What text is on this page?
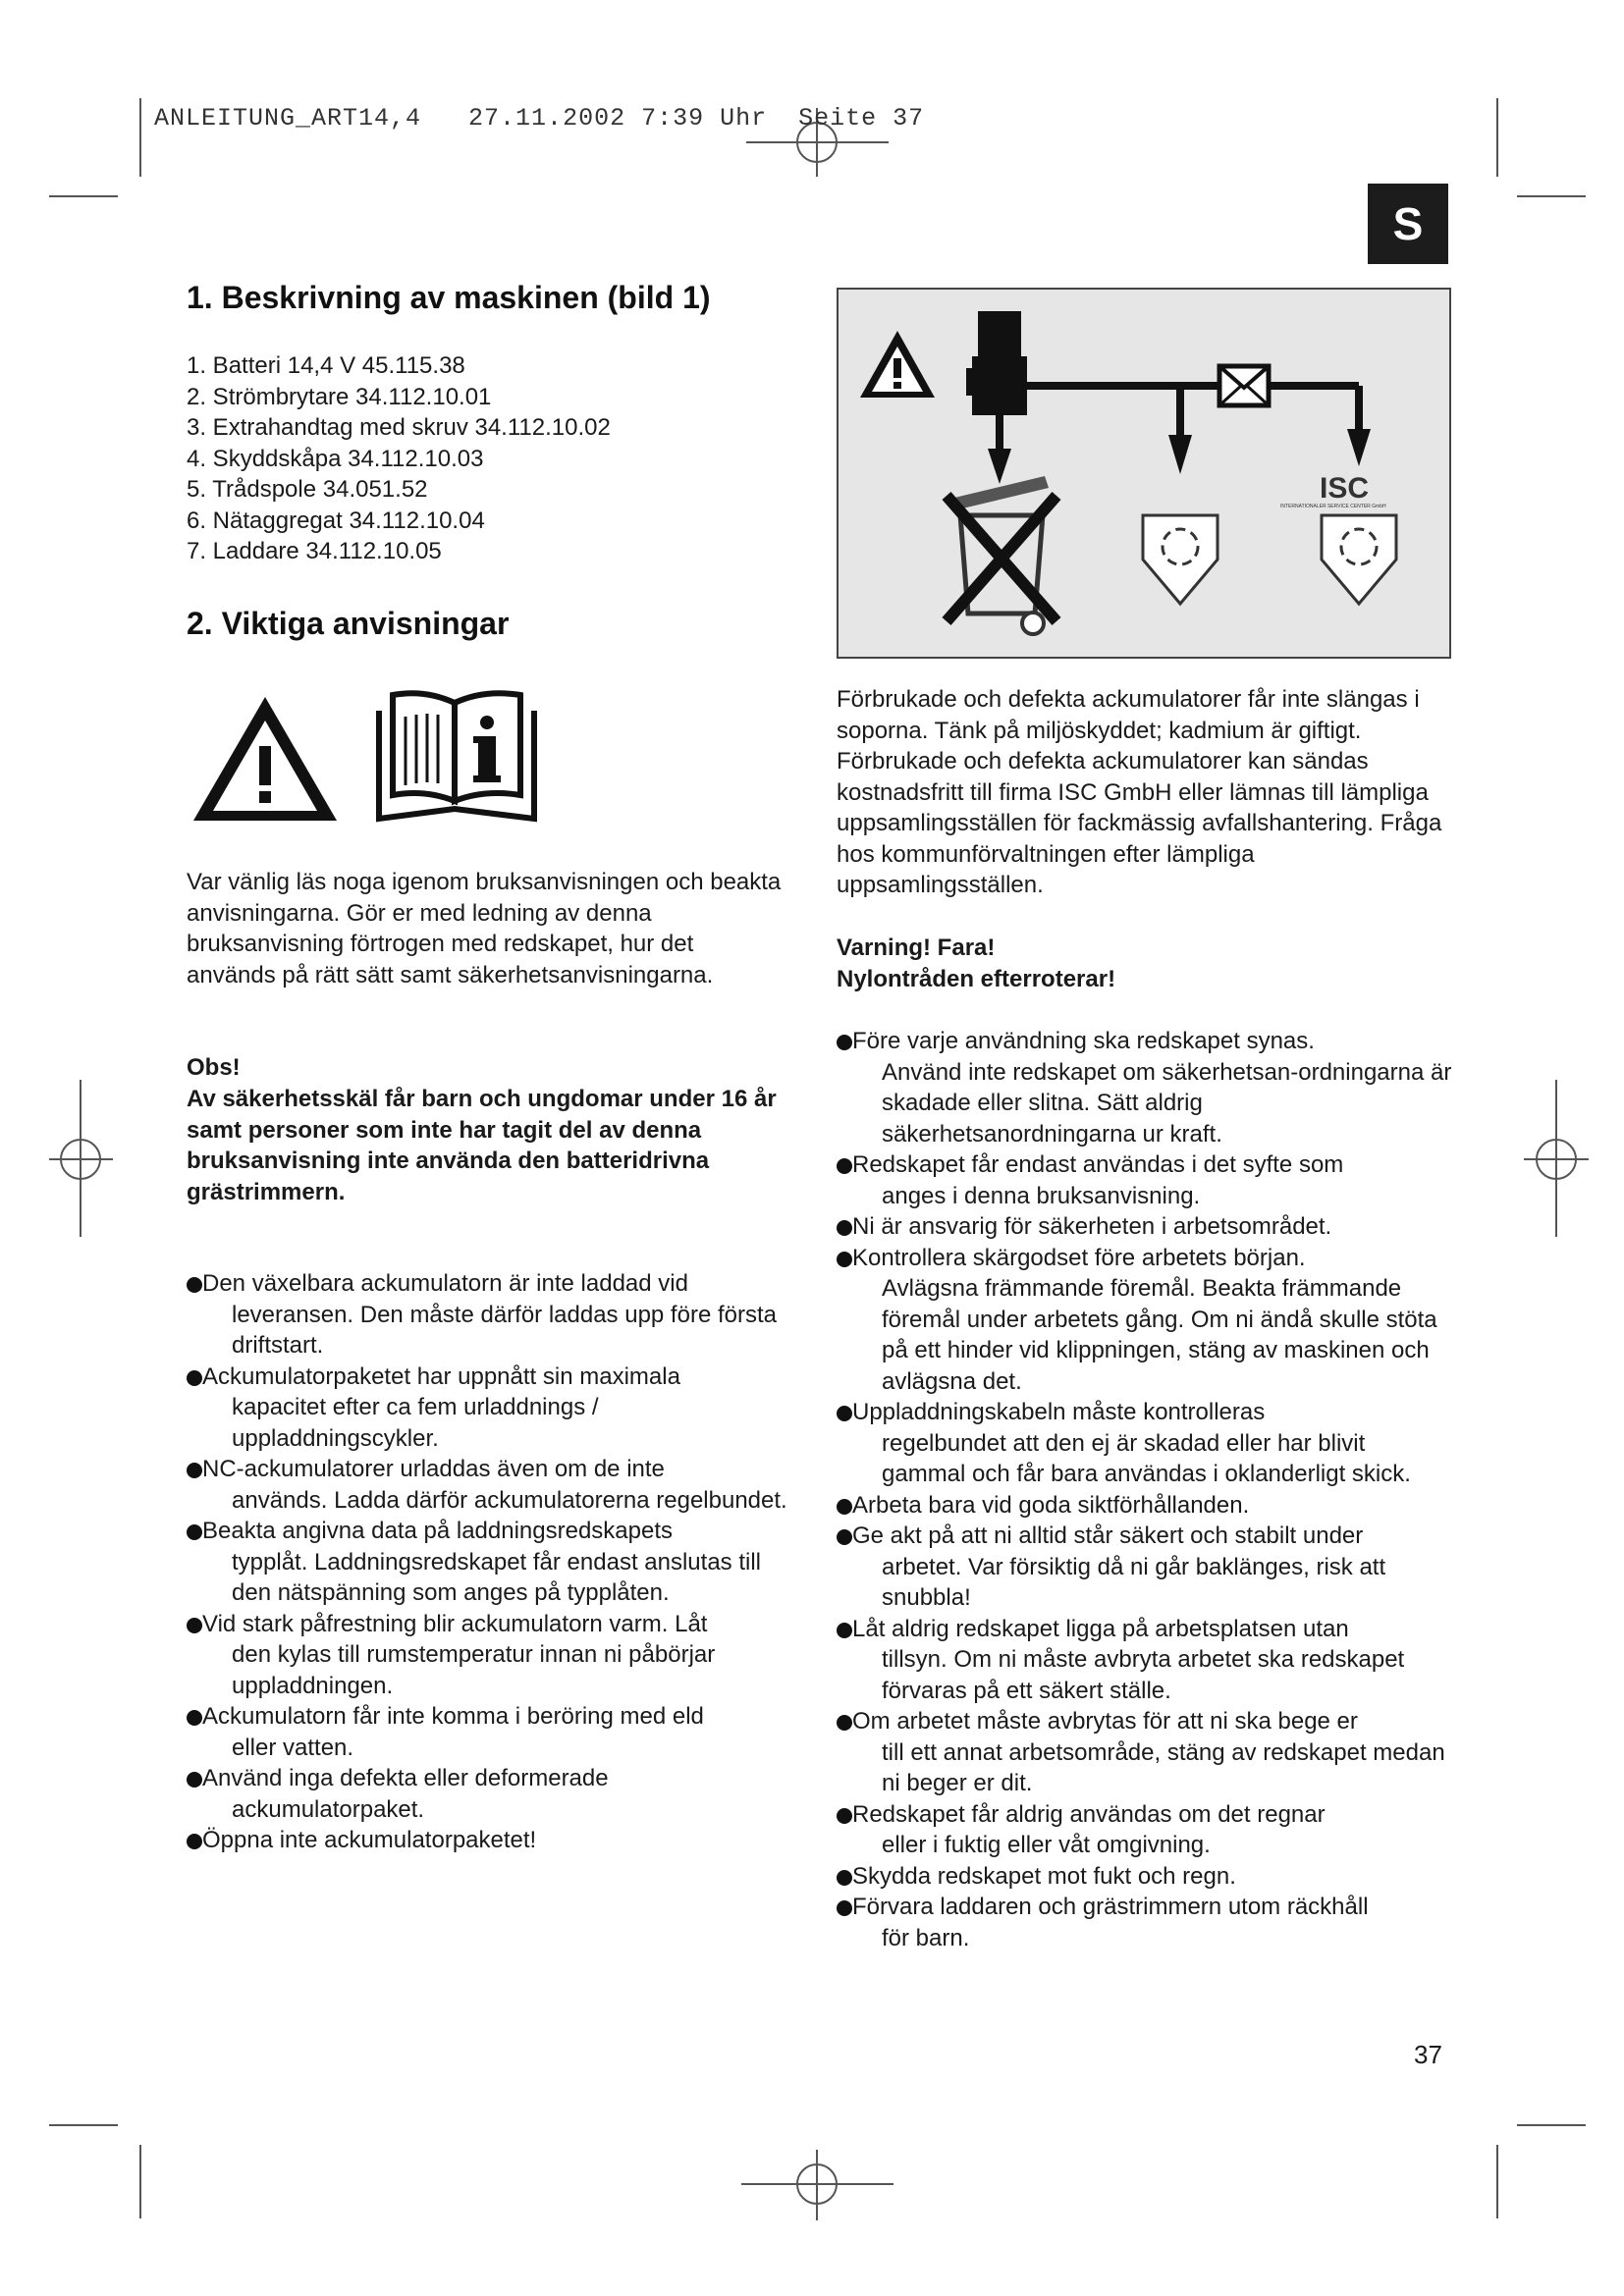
ANLEITUNG_ART14,4   27.11.2002 7:39 Uhr  Seite 37
S
1. Beskrivning av maskinen (bild 1)
1. Batteri 14,4 V 45.115.38
2. Strömbrytare 34.112.10.01
3. Extrahandtag med skruv 34.112.10.02
4. Skyddskåpa 34.112.10.03
5. Trådspole 34.051.52
6. Nätaggregat 34.112.10.04
7. Laddare 34.112.10.05
2. Viktiga anvisningar
Var vänlig läs noga igenom bruksanvisningen och beakta anvisningarna. Gör er med ledning av denna bruksanvisning förtrogen med redskapet, hur det används på rätt sätt samt säkerhetsanvisningarna.
Obs!
Av säkerhetsskäl får barn och ungdomar under 16 år samt personer som inte har tagit del av denna bruksanvisning inte använda den batteridrivna grästrimmern.
Den växelbara ackumulatorn är inte laddad vid
leveransen. Den måste därför laddas upp före första driftstart.
Ackumulatorpaketet har uppnått sin maximala
kapacitet efter ca fem urladdnings / uppladdningscykler.
NC-ackumulatorer urladdas även om de inte
används. Ladda därför ackumulatorerna regelbundet.
Beakta angivna data på laddningsredskapets
typplåt. Laddningsredskapet får endast anslutas till den nätspänning som anges på typplåten.
Vid stark påfrestning blir ackumulatorn varm. Låt
den kylas till rumstemperatur innan ni påbörjar uppladdningen.
Ackumulatorn får inte komma i beröring med eld
eller vatten.
Använd inga defekta eller deformerade
ackumulatorpaket.
Öppna inte ackumulatorpaketet!
ISC
INTERNATIONALER SERVICE CENTER GmbH
Förbrukade och defekta ackumulatorer får inte slängas i soporna. Tänk på miljöskyddet; kadmium är giftigt. Förbrukade och defekta ackumulatorer kan sändas kostnadsfritt till firma ISC GmbH eller lämnas till lämpliga uppsamlingsställen för fackmässig avfallshantering. Fråga hos kommunförvaltningen efter lämpliga uppsamlingsställen.
Varning! Fara!
Nylontråden efterroterar!
Före varje användning ska redskapet synas.
Använd inte redskapet om säkerhetsan-ordningarna är skadade eller slitna. Sätt aldrig säkerhetsanordningarna ur kraft.
Redskapet får endast användas i det syfte som
anges i denna bruksanvisning.
Ni är ansvarig för säkerheten i arbetsområdet.
Kontrollera skärgodset före arbetets början.
Avlägsna främmande föremål. Beakta främmande föremål under arbetets gång. Om ni ändå skulle stöta på ett hinder vid klippningen, stäng av maskinen och avlägsna det.
Uppladdningskabeln måste kontrolleras
regelbundet att den ej är skadad eller har blivit gammal och får bara användas i oklanderligt skick.
Arbeta bara vid goda siktförhållanden.
Ge akt på att ni alltid står säkert och stabilt under
arbetet. Var försiktig då ni går baklänges, risk att snubbla!
Låt aldrig redskapet ligga på arbetsplatsen utan
tillsyn. Om ni måste avbryta arbetet ska redskapet förvaras på ett säkert ställe.
Om arbetet måste avbrytas för att ni ska bege er
till ett annat arbetsområde, stäng av redskapet medan ni beger er dit.
Redskapet får aldrig användas om det regnar
eller i fuktig eller våt omgivning.
Skydda redskapet mot fukt och regn.
Förvara laddaren och grästrimmern utom räckhåll
för barn.
37
